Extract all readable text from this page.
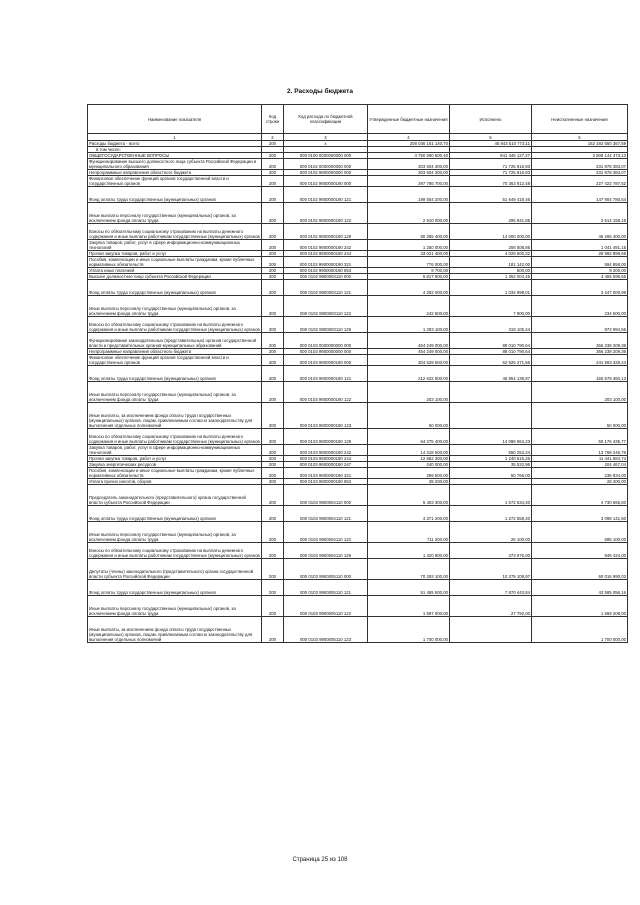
2. Расходы бюджета
Наименование показателя	Код строки	Код расхода по бюджетной классификации	Утвержденные бюджетные назначения	Исполнено	Неисполненные назначения
1	2	3	4	5	6
Расходы бюджета - всего	200	x	208 036 161 140,70	45 843 510 773,11	162 192 650 367,59
в том числе:					
ОБЩЕГОСУДАРСТВЕННЫЕ ВОПРОСЫ	200	000 0100 0000000000 000	4 750 590 600,40	941 446 127,27	3 809 144 473,13
Функционирование высшего должностного лица субъекта Российской Федерации и муниципального образования	200	000 0102 0000000000 000	303 604 300,00	71 725 916,93	231 878 383,07
Непрограммные направления областного бюджета	200	000 0102 9900000000 000	303 604 300,00	71 725 916,93	231 878 383,07
Финансовое обеспечение функций органов государственной власти и государственных органов	200	000 0102 9900000190 000	297 786 700,00	70 363 912,48	227 422 787,52
Фонд оплаты труда государственных (муниципальных) органов	200	000 0102 9900000190 121	199 554 200,00	51 649 419,46	147 904 780,54
Иные выплаты персоналу государственных (муниципальных) органов, за исключением фонда оплаты труда	200	000 0102 9900000190 122	2 910 000,00	295 841,85	2 614 158,15
Взносы по обязательному социальному страхованию на выплаты денежного содержания и иные выплаты работникам государственных (муниципальных) органов	200	000 0102 9900000190 129	60 265 400,00	14 000 000,00	46 265 400,00
Закупка товаров, работ, услуг в сфере информационно-коммуникационных технологий	200	000 0102 9900000190 242	1 250 000,00	208 508,85	1 041 491,15
Прочая закупка товаров, работ и услуг	200	000 0102 9900000190 244	33 021 400,00	4 028 500,32	28 992 899,68
Пособия, компенсации и иные социальные выплаты гражданам, кроме публичных нормативных обязательств	200	000 0102 9900000190 321	776 000,00	181 142,00	594 858,00
Уплата иных платежей	200	000 0102 9900000190 853	9 700,00	500,00	9 200,00
Высшее должностное лицо субъекта Российской Федерации	200	000 0102 9900003110 000	5 817 600,00	1 362 004,45	4 455 595,55
Фонд оплаты труда государственных (муниципальных) органов	200	000 0102 9900003110 121	4 282 000,00	1 034 999,01	3 247 000,99
Иные выплаты персоналу государственных (муниципальных) органов, за исключением фонда оплаты труда	200	000 0102 9900003110 122	242 500,00	7 900,00	234 600,00
Взносы по обязательному социальному страхованию на выплаты денежного содержания и иные выплаты работникам государственных (муниципальных) органов	200	000 0102 9900003110 129	1 293 100,00	319 105,44	973 994,56
Функционирование законодательных (представительных) органов государственной власти и представительных органов муниципальных образований	200	000 0103 0000000000 000	454 249 000,00	88 010 790,64	366 238 209,36
Непрограммные направления областного бюджета	200	000 0103 9900000000 000	454 249 000,00	88 010 790,64	366 238 209,36
Финансовое обеспечение функций органов государственной власти и государственных органов	200	000 0103 9900000190 000	304 529 600,00	62 926 271,56	241 593 328,44
Фонд оплаты труда государственных (муниципальных) органов	200	000 0103 9900000190 121	212 632 500,00	46 954 139,87	165 678 360,13
Иные выплаты персоналу государственных (муниципальных) органов, за исключением фонда оплаты труда	200	000 0103 9900000190 122	203 100,00		203 100,00
Иные выплаты, за исключением фонда оплаты труда государственных (муниципальных) органов, лицам, привлекаемым согласно законодательству для выполнения отдельных полномочий	200	000 0103 9900000190 123	50 000,00		50 000,00
Взносы по обязательному социальному страхованию на выплаты денежного содержания и иные выплаты работникам государственных (муниципальных) органов	200	000 0103 9900000190 129	64 275 400,00	14 098 964,23	50 176 435,77
Закупка товаров, работ, услуг в сфере информационно-коммуникационных технологий	200	000 0103 9900000190 242	14 318 500,00	550 253,24	13 768 246,76
Прочая закупка товаров, работ и услуг	200	000 0103 9900000190 244	12 682 300,00	1 240 615,26	11 441 684,74
Закупка энергетических ресурсов	200	000 0103 9900000190 247	240 000,00	35 532,96	204 467,04
Пособия, компенсации и иные социальные выплаты гражданам, кроме публичных нормативных обязательств	200	000 0103 9900000190 321	289 500,00	50 766,00	238 834,00
Уплата прочих налогов, сборов	200	000 0103 9900000190 852	28 200,00		28 200,00
Председатель законодательного (представительного) органа государственной власти субъекта Российской Федерации	200	000 0103 9900004110 000	6 403 300,00	1 672 634,40	4 730 665,60
Фонд оплаты труда государственных (муниципальных) органов	200	000 0103 9900004110 121	4 371 200,00	1 272 558,40	3 098 141,60
Иные выплаты персоналу государственных (муниципальных) органов, за исключением фонда оплаты труда	200	000 0103 9900004110 122	711 200,00	26 100,00	685 100,00
Взносы по обязательному социальному страхованию на выплаты денежного содержания и иные выплаты работникам государственных (муниципальных) органов	200	000 0103 9900004110 129	1 320 900,00	373 976,00	946 424,00
Депутаты (члены) законодательного (представительного) органа государственной власти субъекта Российской Федерации	200	000 0103 9900005110 000	70 292 100,00	10 275 109,97	60 016 990,03
Фонд оплаты труда государственных (муниципальных) органов	200	000 0103 9900005110 121	51 455 500,00	7 870 443,84	43 585 056,16
Иные выплаты персоналу государственных (муниципальных) органов, за исключением фонда оплаты труда	200	000 0103 9900005110 122	1 597 000,00	27 792,00	1 569 208,00
Иные выплаты, за исключением фонда оплаты труда государственных (муниципальных) органов, лицам, привлекаемым согласно законодательству для выполнения отдельных полномочий	200	000 0103 9900005110 123	1 700 000,00		1 700 000,00
Страница 25 из 108
